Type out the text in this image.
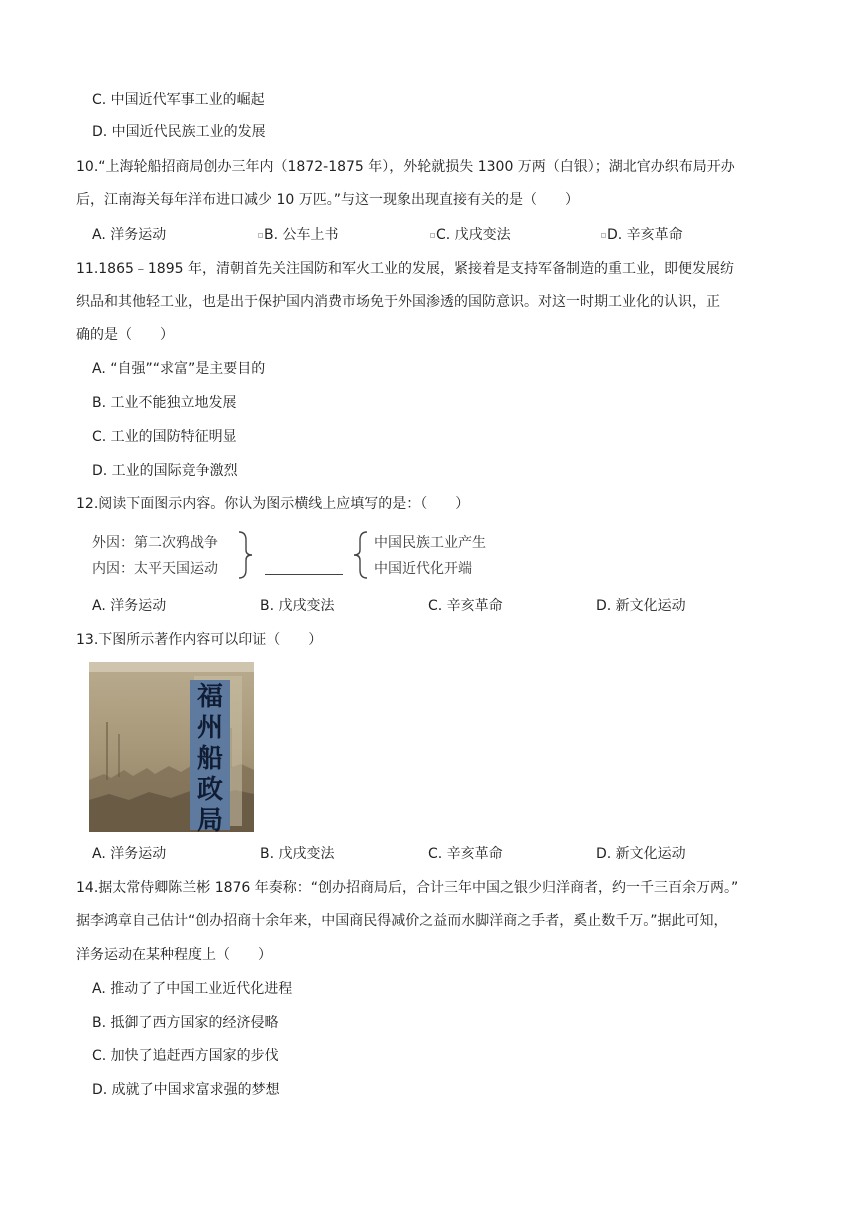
C. 中国近代军事工业的崛起
D. 中国近代民族工业的发展
10.“上海轮船招商局创办三年内（1872-1875 年），外轮就损失 1300 万两（白银）；湖北官办织布局开办
后，江南海关每年洋布进口减少 10 万匹。”与这一现象出现直接有关的是（　　）
A. 洋务运动	B. 公车上书	C. 戊戌变法	D. 辛亥革命
11.1865﹣1895 年，清朝首先关注国防和军火工业的发展，紧接着是支持军备制造的重工业，即便发展纺
织品和其他轻工业，也是出于保护国内消费市场免于外国渗透的国防意识。对这一时期工业化的认识，正
确的是（　　）
A. “自强”“求富”是主要目的
B. 工业不能独立地发展
C. 工业的国防特征明显
D. 工业的国际竞争激烈
12.阅读下面图示内容。你认为图示横线上应填写的是：（　　）
外因：第二次鸦战争
内因：太平天国运动
中国民族工业产生
中国近代化开端
A. 洋务运动	B. 戊戌变法	C. 辛亥革命	D. 新文化运动
13.下图所示著作内容可以印证（　　）
福州船政局
A. 洋务运动	B. 戊戌变法	C. 辛亥革命	D. 新文化运动
14.据太常侍卿陈兰彬 1876 年奏称：“创办招商局后，合计三年中国之银少归洋商者，约一千三百余万两。”
据李鸿章自己估计“创办招商十余年来，中国商民得减价之益而水脚洋商之手者，奚止数千万。”据此可知，
洋务运动在某种程度上（　　）
A. 推动了了中国工业近代化进程
B. 抵御了西方国家的经济侵略
C. 加快了追赶西方国家的步伐
D. 成就了中国求富求强的梦想
